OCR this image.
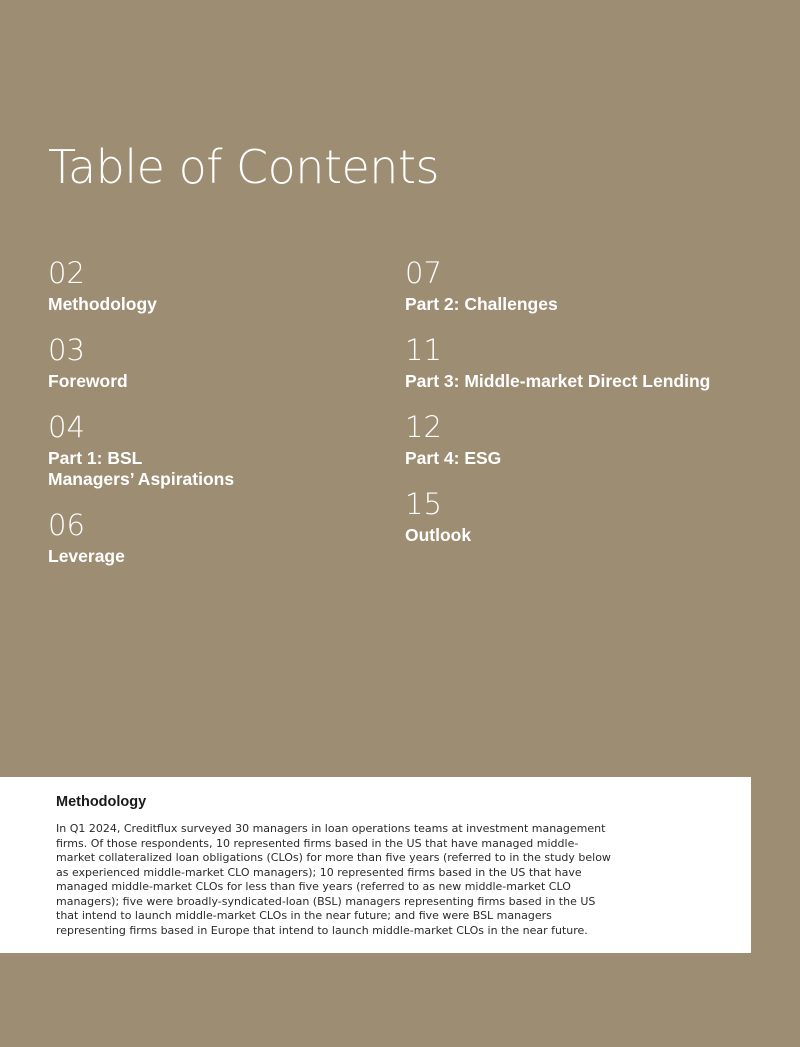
Table of Contents
02
Methodology
03
Foreword
04
Part 1: BSL
Managers’ Aspirations
06
Leverage
07
Part 2: Challenges
11
Part 3: Middle-market Direct Lending
12
Part 4: ESG
15
Outlook
Methodology

In Q1 2024, Creditflux surveyed 30 managers in loan operations teams at investment management firms. Of those respondents, 10 represented firms based in the US that have managed middle-market collateralized loan obligations (CLOs) for more than five years (referred to in the study below as experienced middle-market CLO managers); 10 represented firms based in the US that have managed middle-market CLOs for less than five years (referred to as new middle-market CLO managers); five were broadly-syndicated-loan (BSL) managers representing firms based in the US that intend to launch middle-market CLOs in the near future; and five were BSL managers representing firms based in Europe that intend to launch middle-market CLOs in the near future.
